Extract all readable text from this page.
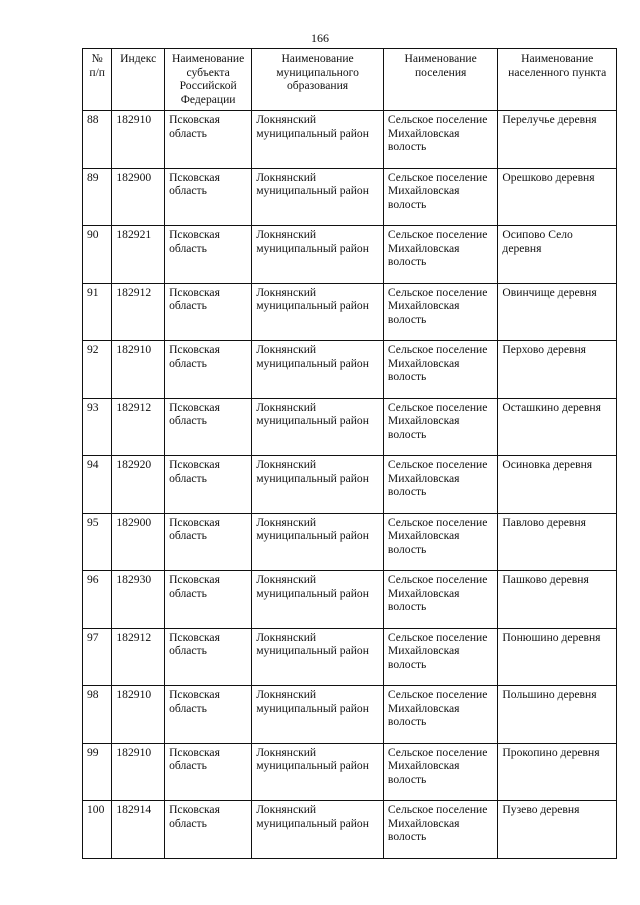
166
№ п/п	Индекс	Наименование субъекта Российской Федерации	Наименование муниципального образования	Наименование поселения	Наименование населенного пункта
88	182910	Псковская область	Локнянский муниципальный район	Сельское поселение Михайловская волость	Перелучье деревня
89	182900	Псковская область	Локнянский муниципальный район	Сельское поселение Михайловская волость	Орешково деревня
90	182921	Псковская область	Локнянский муниципальный район	Сельское поселение Михайловская волость	Осипово Село деревня
91	182912	Псковская область	Локнянский муниципальный район	Сельское поселение Михайловская волость	Овинчище деревня
92	182910	Псковская область	Локнянский муниципальный район	Сельское поселение Михайловская волость	Перхово деревня
93	182912	Псковская область	Локнянский муниципальный район	Сельское поселение Михайловская волость	Осташкино деревня
94	182920	Псковская область	Локнянский муниципальный район	Сельское поселение Михайловская волость	Осиновка деревня
95	182900	Псковская область	Локнянский муниципальный район	Сельское поселение Михайловская волость	Павлово деревня
96	182930	Псковская область	Локнянский муниципальный район	Сельское поселение Михайловская волость	Пашково деревня
97	182912	Псковская область	Локнянский муниципальный район	Сельское поселение Михайловская волость	Понюшино деревня
98	182910	Псковская область	Локнянский муниципальный район	Сельское поселение Михайловская волость	Польшино деревня
99	182910	Псковская область	Локнянский муниципальный район	Сельское поселение Михайловская волость	Прокопино деревня
100	182914	Псковская область	Локнянский муниципальный район	Сельское поселение Михайловская волость	Пузево деревня
